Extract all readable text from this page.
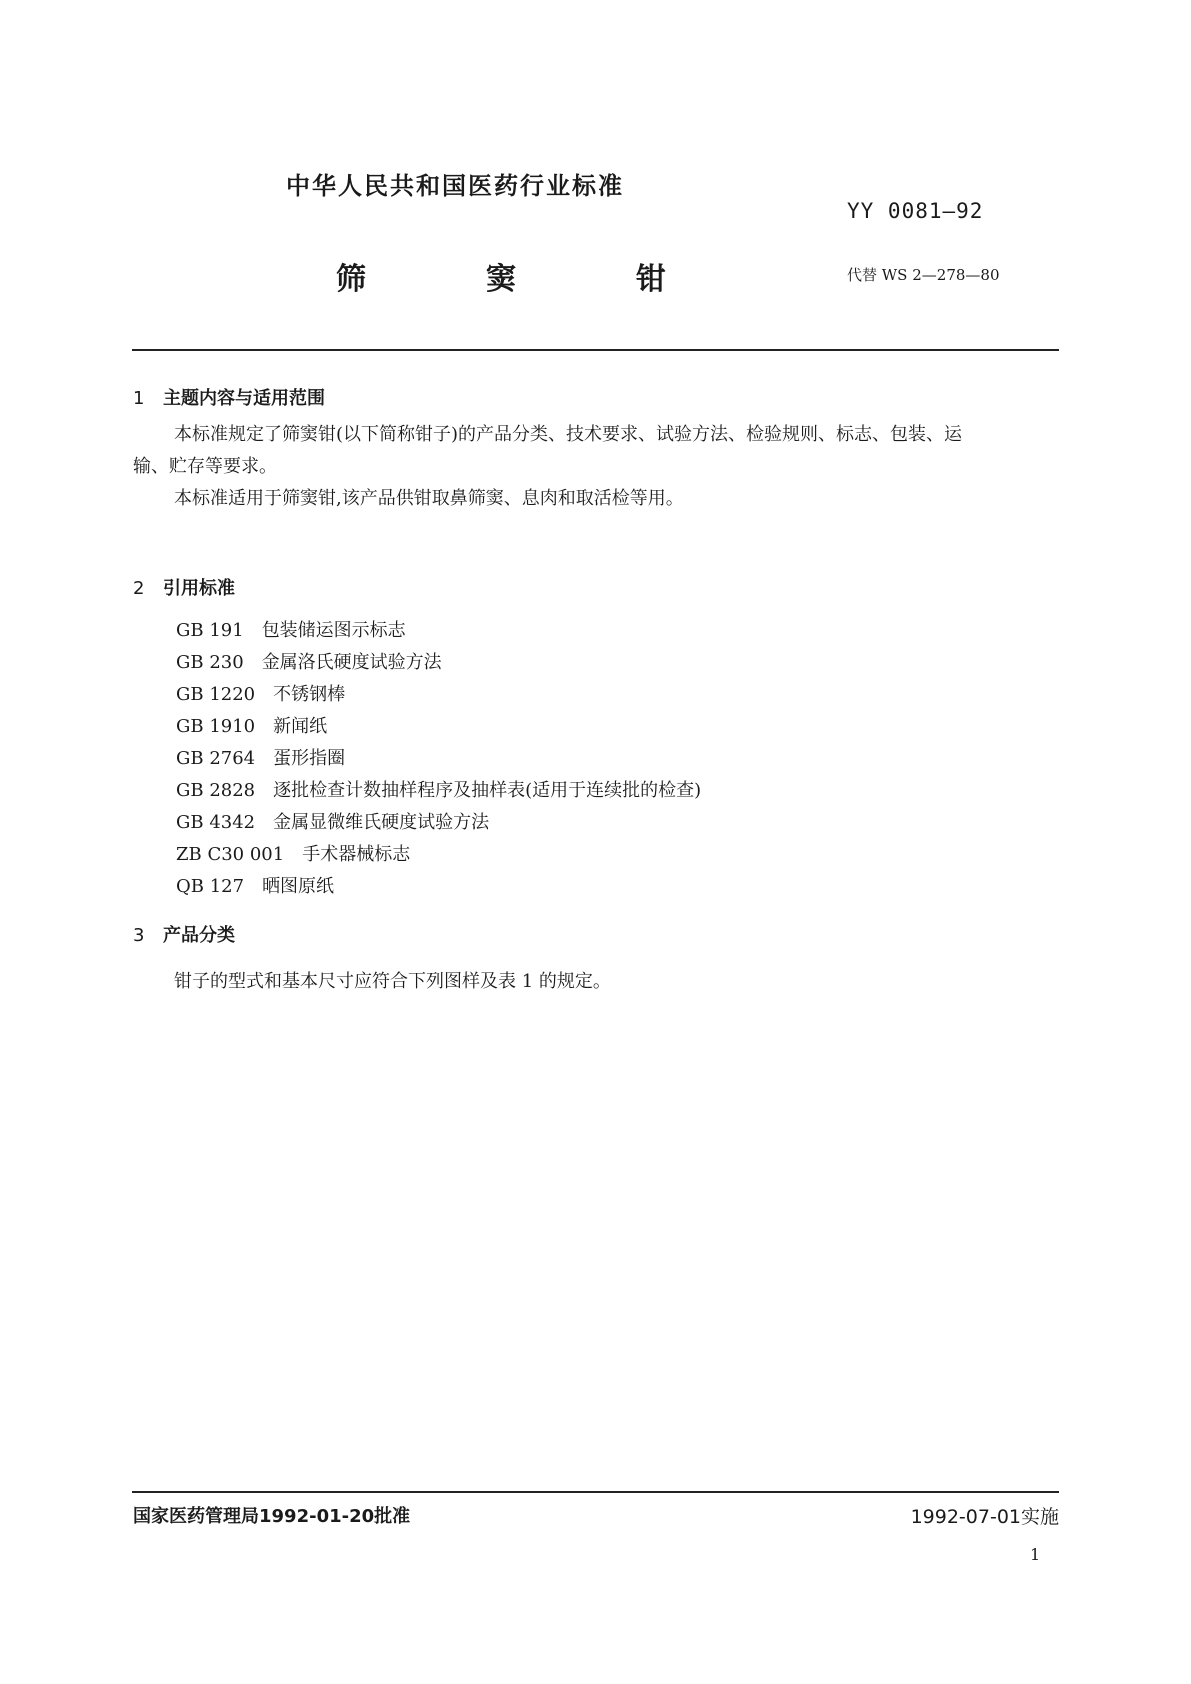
中华人民共和国医药行业标准
YY 0081—92
筛	窦	钳	代替 WS 2—278—80
1 主题内容与适用范围
本标准规定了筛窦钳(以下简称钳子)的产品分类、技术要求、试验方法、检验规则、标志、包装、运
输、贮存等要求。
本标准适用于筛窦钳,该产品供钳取鼻筛窦、息肉和取活检等用。
2 引用标准
GB 191 包装储运图示标志
GB 230 金属洛氏硬度试验方法
GB 1220 不锈钢棒
GB 1910 新闻纸
GB 2764 蛋形指圈
GB 2828 逐批检查计数抽样程序及抽样表(适用于连续批的检查)
GB 4342 金属显微维氏硬度试验方法
ZB C30 001 手术器械标志
QB 127 晒图原纸
3 产品分类
钳子的型式和基本尺寸应符合下列图样及表 1 的规定。
国家医药管理局1992-01-20批准	1992-07-01实施
1
